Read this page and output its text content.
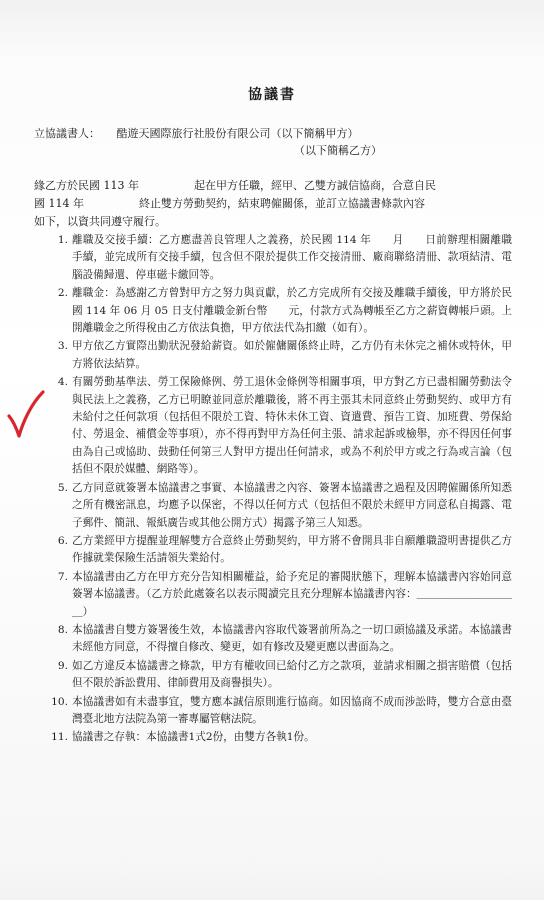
協議書
立協議書人：　　酷遊天國際旅行社股份有限公司（以下簡稱甲方）
（以下簡稱乙方）
緣乙方於民國 113 年　　　　　起在甲方任職，經甲、乙雙方誠信協商，合意自民
國 114 年　　　　　終止雙方勞動契約，結束聘僱關係，並訂立協議書條款內容
如下，以資共同遵守履行。
1. 離職及交接手續：乙方應盡善良管理人之義務，於民國 114 年　　月　　日前辦理相關離職手續，並完成所有交接手續，包含但不限於提供工作交接清冊、廠商聯絡清冊、款項結清、電腦設備歸還、停車磁卡繳回等。
2. 離職金：為感謝乙方曾對甲方之努力與貢獻，於乙方完成所有交接及離職手續後，甲方將於民國 114 年 06 月 05 日支付離職金新台幣　　元，付款方式為轉帳至乙方之薪資轉帳戶頭。上開離職金之所得稅由乙方依法負擔，甲方依法代為扣繳（如有）。
3. 甲方依乙方實際出勤狀況發給薪資。如於僱傭關係終止時，乙方仍有未休完之補休或特休，甲方將依法結算。
4. 有關勞動基準法、勞工保險條例、勞工退休金條例等相關事項，甲方對乙方已盡相關勞動法令與民法上之義務，乙方已明瞭並同意於離職後，將不再主張其未同意終止勞動契約、或甲方有未給付之任何款項（包括但不限於工資、特休未休工資、資遣費、預告工資、加班費、勞保給付、勞退金、補償金等事項），亦不得再對甲方為任何主張、請求起訴或檢舉，亦不得因任何事由為自己或協助、鼓動任何第三人對甲方提出任何請求，或為不利於甲方或之行為或言論（包括但不限於媒體、網路等）。
5. 乙方同意就簽署本協議書之事實、本協議書之內容、簽署本協議書之過程及因聘僱關係所知悉之所有機密訊息，均應予以保密，不得以任何方式（包括但不限於未經甲方同意私自揭露、電子郵件、簡訊、報紙廣告或其他公開方式）揭露予第三人知悉。
6. 乙方業經甲方提醒並理解雙方合意終止勞動契約，甲方將不會開具非自願離職證明書提供乙方作據就業保險生活請領失業給付。
7. 本協議書由乙方在甲方充分告知相關權益，給予充足的審閱狀態下，理解本協議書內容始同意簽署本協議書。（乙方於此處簽名以表示閱讀完且充分理解本協議書內容：＿＿＿＿＿＿＿＿＿＿）
8. 本協議書自雙方簽署後生效，本協議書內容取代簽署前所為之一切口頭協議及承諾。本協議書未經他方同意，不得擅自修改、變更，如有修改及變更應以書面為之。
9. 如乙方違反本協議書之條款，甲方有權收回已給付乙方之款項，並請求相關之損害賠償（包括但不限於訴訟費用、律師費用及商譽損失）。
10. 本協議書如有未盡事宜，雙方應本誠信原則進行協商。如因協商不成而涉訟時，雙方合意由臺灣臺北地方法院為第一審專屬管轄法院。
11. 協議書之存執：本協議書1式2份，由雙方各執1份。
